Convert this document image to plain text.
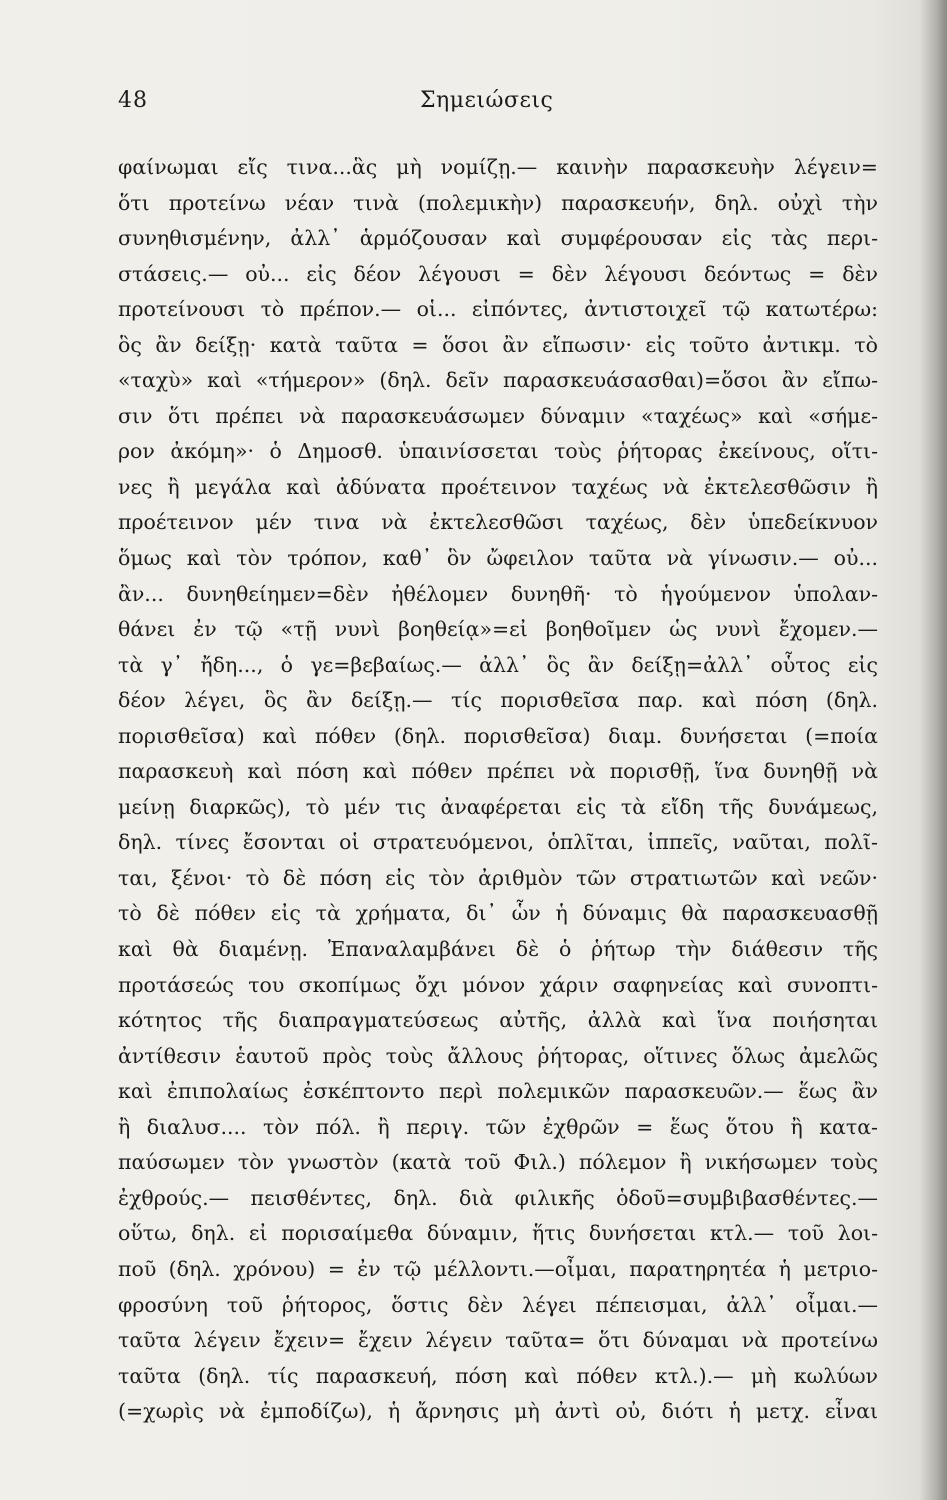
48	Σημειώσεις
φαίνωμαι εἴς τινα...ἃς μὴ νομίζῃ.— καινὴν παρασκευὴν λέγειν=
ὅτι προτείνω νέαν τινὰ (πολεμικὴν) παρασκευήν, δηλ. οὐχὶ τὴν
συνηθισμένην, ἀλλ᾽ ἁρμόζουσαν καὶ συμφέρουσαν εἰς τὰς περι-
στάσεις.— οὐ... εἰς δέον λέγουσι = δὲν λέγουσι δεόντως = δὲν
προτείνουσι τὸ πρέπον.— οἱ... εἰπόντες, ἀντιστοιχεῖ τῷ κατωτέρω:
ὃς ἂν δείξῃ· κατὰ ταῦτα = ὅσοι ἂν εἴπωσιν· εἰς τοῦτο ἀντικμ. τὸ
«ταχὺ» καὶ «τήμερον» (δηλ. δεῖν παρασκευάσασθαι)=ὅσοι ἂν εἴπω-
σιν ὅτι πρέπει νὰ παρασκευάσωμεν δύναμιν «ταχέως» καὶ «σήμε-
ρον ἀκόμη»· ὁ Δημοσθ. ὑπαινίσσεται τοὺς ῥήτορας ἐκείνους, οἵτι-
νες ἢ μεγάλα καὶ ἀδύνατα προέτεινον ταχέως νὰ ἐκτελεσθῶσιν ἢ
προέτεινον μέν τινα νὰ ἐκτελεσθῶσι ταχέως, δὲν ὑπεδείκνυον
ὅμως καὶ τὸν τρόπον, καθ᾽ ὃν ὤφειλον ταῦτα νὰ γίνωσιν.— οὐ...
ἂν... δυνηθείημεν=δὲν ἠθέλομεν δυνηθῆ· τὸ ἡγούμενον ὑπολαν-
θάνει ἐν τῷ «τῇ νυνὶ βοηθείᾳ»=εἰ βοηθοῖμεν ὡς νυνὶ ἔχομεν.—
τὰ γ᾽ ἤδη..., ὁ γε=βεβαίως.— ἀλλ᾽ ὃς ἂν δείξῃ=ἀλλ᾽ οὗτος εἰς
δέον λέγει, ὃς ἂν δείξῃ.— τίς πορισθεῖσα παρ. καὶ πόση (δηλ.
πορισθεῖσα) καὶ πόθεν (δηλ. πορισθεῖσα) διαμ. δυνήσεται (=ποία
παρασκευὴ καὶ πόση καὶ πόθεν πρέπει νὰ πορισθῇ, ἵνα δυνηθῇ νὰ
μείνῃ διαρκῶς), τὸ μέν τις ἀναφέρεται εἰς τὰ εἴδη τῆς δυνάμεως,
δηλ. τίνες ἔσονται οἱ στρατευόμενοι, ὁπλῖται, ἱππεῖς, ναῦται, πολῖ-
ται, ξένοι· τὸ δὲ πόση εἰς τὸν ἀριθμὸν τῶν στρατιωτῶν καὶ νεῶν·
τὸ δὲ πόθεν εἰς τὰ χρήματα, δι᾽ ὧν ἡ δύναμις θὰ παρασκευασθῇ
καὶ θὰ διαμένῃ. Ἐπαναλαμβάνει δὲ ὁ ῥήτωρ τὴν διάθεσιν τῆς
προτάσεώς του σκοπίμως ὄχι μόνον χάριν σαφηνείας καὶ συνοπτι-
κότητος τῆς διαπραγματεύσεως αὐτῆς, ἀλλὰ καὶ ἵνα ποιήσηται
ἀντίθεσιν ἑαυτοῦ πρὸς τοὺς ἄλλους ῥήτορας, οἵτινες ὅλως ἀμελῶς
καὶ ἐπιπολαίως ἐσκέπτοντο περὶ πολεμικῶν παρασκευῶν.— ἕως ἂν
ἢ διαλυσ.... τὸν πόλ. ἢ περιγ. τῶν ἐχθρῶν = ἕως ὅτου ἢ κατα-
παύσωμεν τὸν γνωστὸν (κατὰ τοῦ Φιλ.) πόλεμον ἢ νικήσωμεν τοὺς
ἐχθρούς.— πεισθέντες, δηλ. διὰ φιλικῆς ὁδοῦ=συμβιβασθέντες.—
οὕτω, δηλ. εἰ πορισαίμεθα δύναμιν, ἥτις δυνήσεται κτλ.— τοῦ λοι-
ποῦ (δηλ. χρόνου) = ἐν τῷ μέλλοντι.—οἶμαι, παρατηρητέα ἡ μετριο-
φροσύνη τοῦ ῥήτορος, ὅστις δὲν λέγει πέπεισμαι, ἀλλ᾽ οἶμαι.—
ταῦτα λέγειν ἔχειν= ἔχειν λέγειν ταῦτα= ὅτι δύναμαι νὰ προτείνω
ταῦτα (δηλ. τίς παρασκευή, πόση καὶ πόθεν κτλ.).— μὴ κωλύων
(=χωρὶς νὰ ἐμποδίζω), ἡ ἄρνησις μὴ ἀντὶ οὐ, διότι ἡ μετχ. εἶναι
